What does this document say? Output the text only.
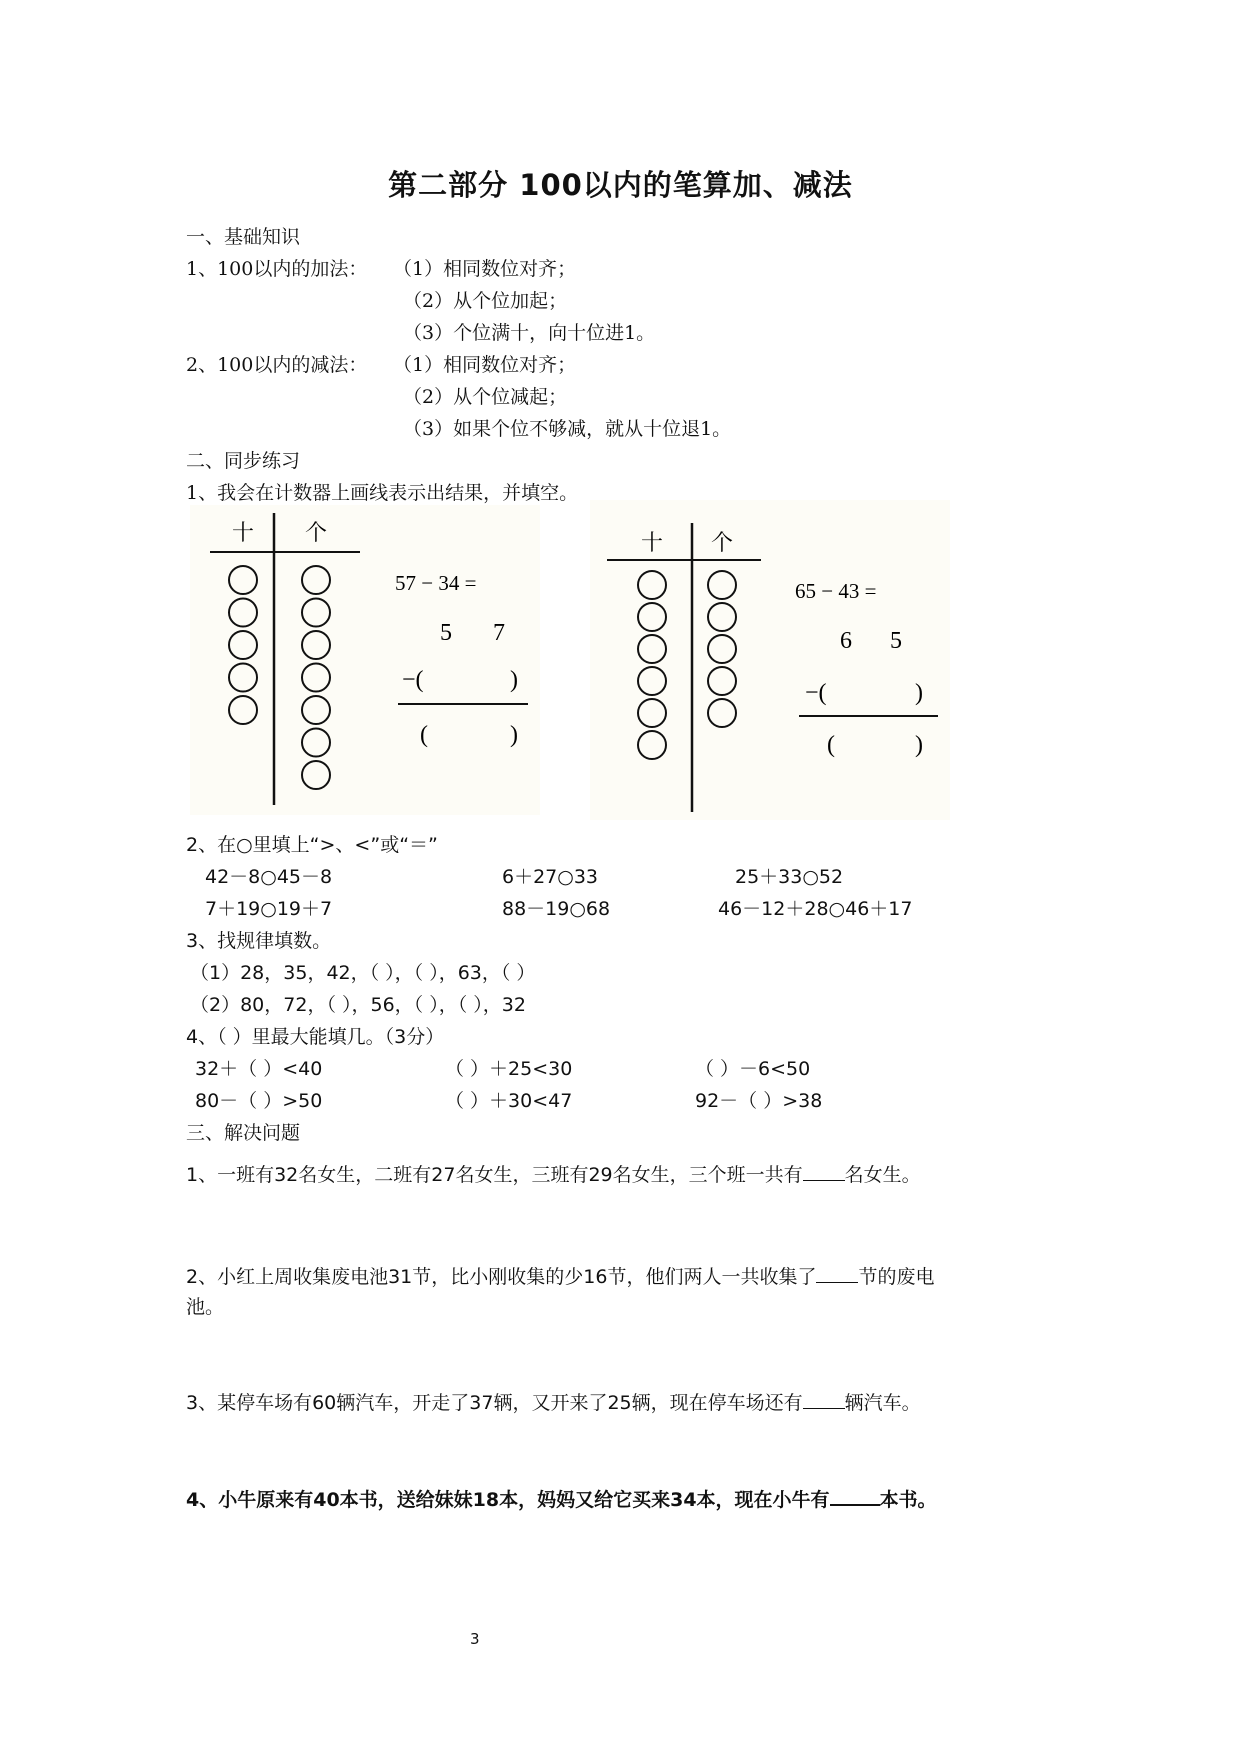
第二部分 100以内的笔算加、减法
一、基础知识
1、100以内的加法： （1）相同数位对齐；
（2）从个位加起；
（3）个位满十，向十位进1。
2、100以内的减法： （1）相同数位对齐；
（2）从个位减起；
（3）如果个位不够减，就从十位退1。
二、同步练习
1、我会在计数器上画线表示出结果，并填空。
十 个
57 − 34 =
5 7
−(	)
(	)
十 个
65 − 43 =
6 5
−(	)
(	)
2、在○里填上“>、<”或“＝”
42－8○45－8	6＋27○33	25＋33○52
7＋19○19＋7	88－19○68	46－12＋28○46＋17
3、找规律填数。
（1）28，35，42，（ ），（ ），63，（ ）
（2）80，72，（ ），56，（ ），（ ），32
4、（ ）里最大能填几。（3分）
32＋（ ）<40	（ ）＋25<30	（ ）－6<50
80－（ ）>50	（ ）＋30<47	92－（ ）>38
三、解决问题
1、一班有32名女生，二班有27名女生，三班有29名女生，三个班一共有 名女生。
2、小红上周收集废电池31节，比小刚收集的少16节，他们两人一共收集了 节的废电
池。
3、某停车场有60辆汽车，开走了37辆，又开来了25辆，现在停车场还有 辆汽车。
4、小牛原来有40本书，送给妹妹18本，妈妈又给它买来34本，现在小牛有	本书。
3
